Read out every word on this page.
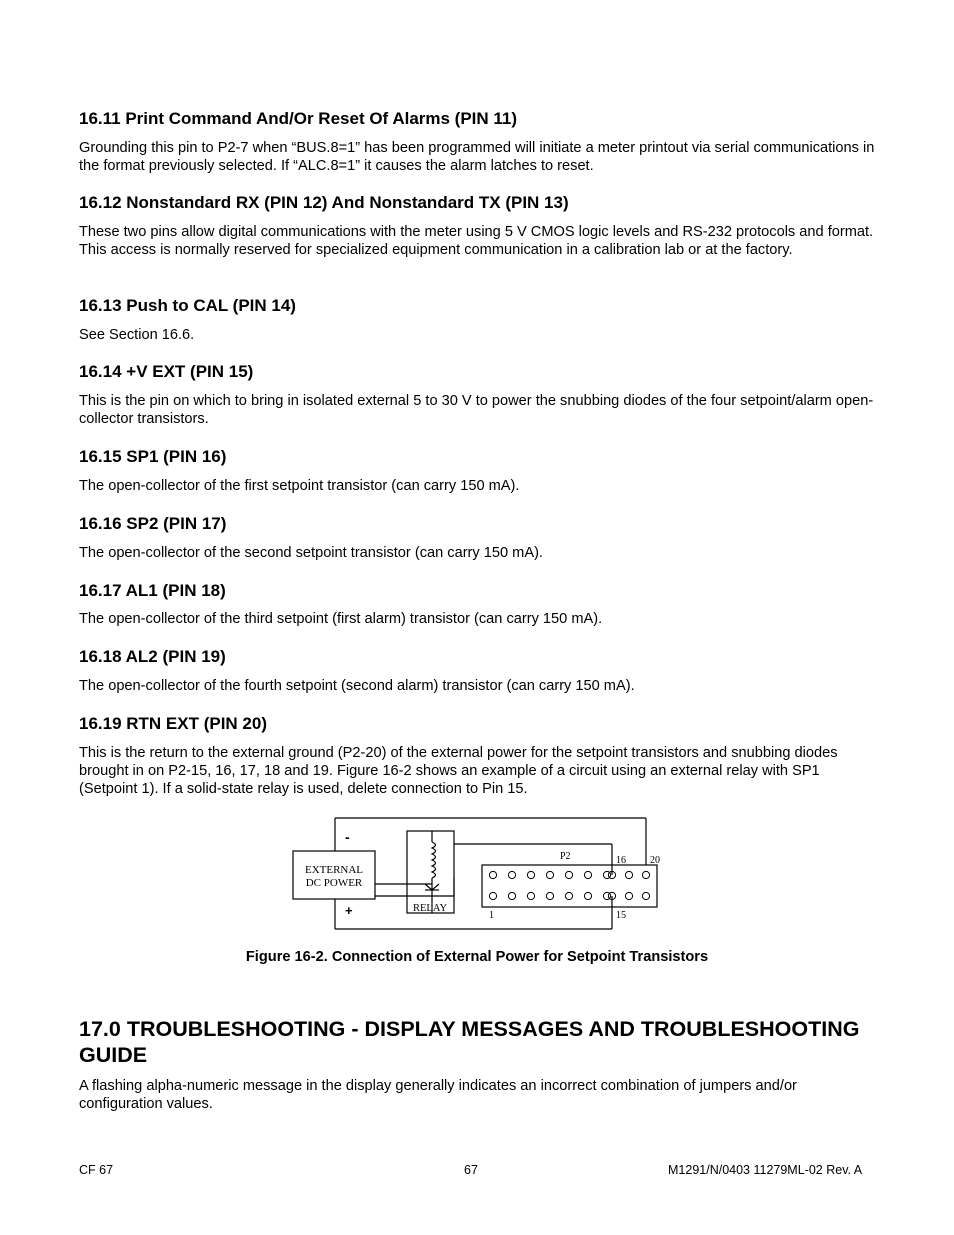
16.11 Print Command And/Or Reset Of Alarms (PIN 11)

Grounding this pin to P2-7 when “BUS.8=1” has been programmed will initiate a meter printout via serial communications in the format previously selected. If “ALC.8=1” it causes the alarm latches to reset.

16.12 Nonstandard RX (PIN 12) And Nonstandard TX (PIN 13)

These two pins allow digital communications with the meter using 5 V CMOS logic levels and RS-232 protocols and format. This access is normally reserved for specialized equipment communication in a calibration lab or at the factory.

16.13 Push to CAL (PIN 14)

See Section 16.6.

16.14 +V EXT (PIN 15)

This is the pin on which to bring in isolated external 5 to 30 V to power the snubbing diodes of the four setpoint/alarm open-collector transistors.

16.15 SP1 (PIN 16)

The open-collector of the first setpoint transistor (can carry 150 mA).

16.16 SP2 (PIN 17)

The open-collector of the second setpoint transistor (can carry 150 mA).

16.17 AL1 (PIN 18)

The open-collector of the third setpoint (first alarm) transistor (can carry 150 mA).

16.18 AL2 (PIN 19)

The open-collector of the fourth setpoint (second alarm) transistor (can carry 150 mA).

16.19 RTN EXT (PIN 20)

This is the return to the external ground (P2-20) of the external power for the setpoint transistors and snubbing diodes brought in on P2-15, 16, 17, 18 and 19. Figure 16-2 shows an example of a circuit using an external relay with SP1 (Setpoint 1). If a solid-state relay is used, delete connection to Pin 15.

EXTERNAL
DC POWER
-
+	RELAY
P2	16 20
1	15

Figure 16-2. Connection of External Power for Setpoint Transistors

17.0 TROUBLESHOOTING - DISPLAY MESSAGES AND TROUBLESHOOTING GUIDE

A flashing alpha-numeric message in the display generally indicates an incorrect combination of jumpers and/or configuration values.

CF 67	67	M1291/N/0403 11279ML-02 Rev. A
